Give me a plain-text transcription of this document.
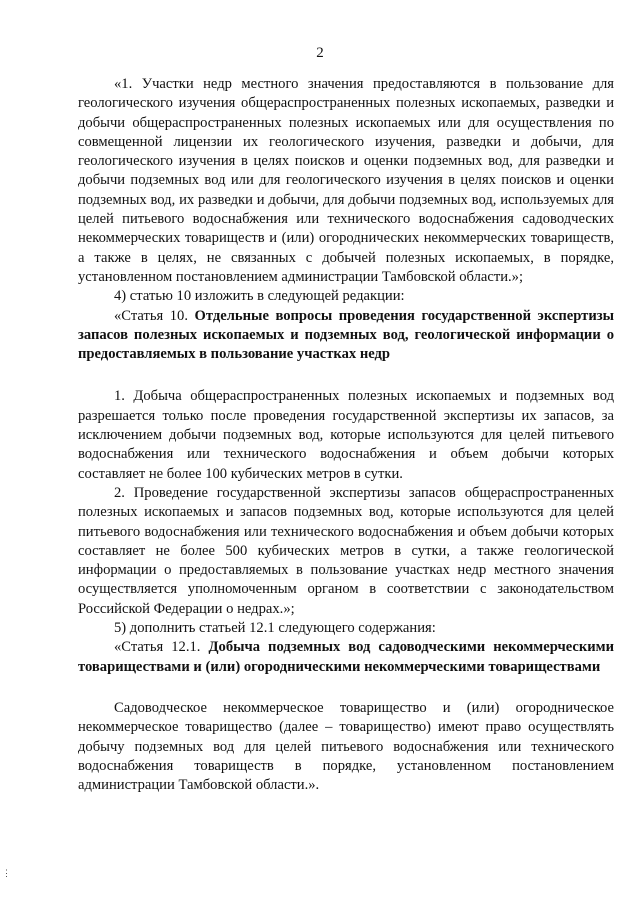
2

«1. Участки недр местного значения предоставляются в пользование для геологического изучения общераспространенных полезных ископаемых, разведки и добычи общераспространенных полезных ископаемых или для осуществления по совмещенной лицензии их геологического изучения, разведки и добычи, для геологического изучения в целях поисков и оценки подземных вод, для разведки и добычи подземных вод или для геологического изучения в целях поисков и оценки подземных вод, их разведки и добычи, для добычи подземных вод, используемых для целей питьевого водоснабжения или технического водоснабжения садоводческих некоммерческих товариществ и (или) огороднических некоммерческих товариществ, а также в целях, не связанных с добычей полезных ископаемых, в порядке, установленном постановлением администрации Тамбовской области.»;

4) статью 10 изложить в следующей редакции:

«Статья 10. Отдельные вопросы проведения государственной экспертизы запасов полезных ископаемых и подземных вод, геологической информации о предоставляемых в пользование участках недр

1. Добыча общераспространенных полезных ископаемых и подземных вод разрешается только после проведения государственной экспертизы их запасов, за исключением добычи подземных вод, которые используются для целей питьевого водоснабжения или технического водоснабжения и объем добычи которых составляет не более 100 кубических метров в сутки.

2. Проведение государственной экспертизы запасов общераспространенных полезных ископаемых и запасов подземных вод, которые используются для целей питьевого водоснабжения или технического водоснабжения и объем добычи которых составляет не более 500 кубических метров в сутки, а также геологической информации о предоставляемых в пользование участках недр местного значения осуществляется уполномоченным органом в соответствии с законодательством Российской Федерации о недрах.»;

5) дополнить статьей 12.1 следующего содержания:

«Статья 12.1. Добыча подземных вод садоводческими некоммерческими товариществами и (или) огородническими некоммерческими товариществами

Садоводческое некоммерческое товарищество и (или) огородническое некоммерческое товарищество (далее – товарищество) имеют право осуществлять добычу подземных вод для целей питьевого водоснабжения или технического водоснабжения товариществ в порядке, установленном постановлением администрации Тамбовской области.».

⋮
